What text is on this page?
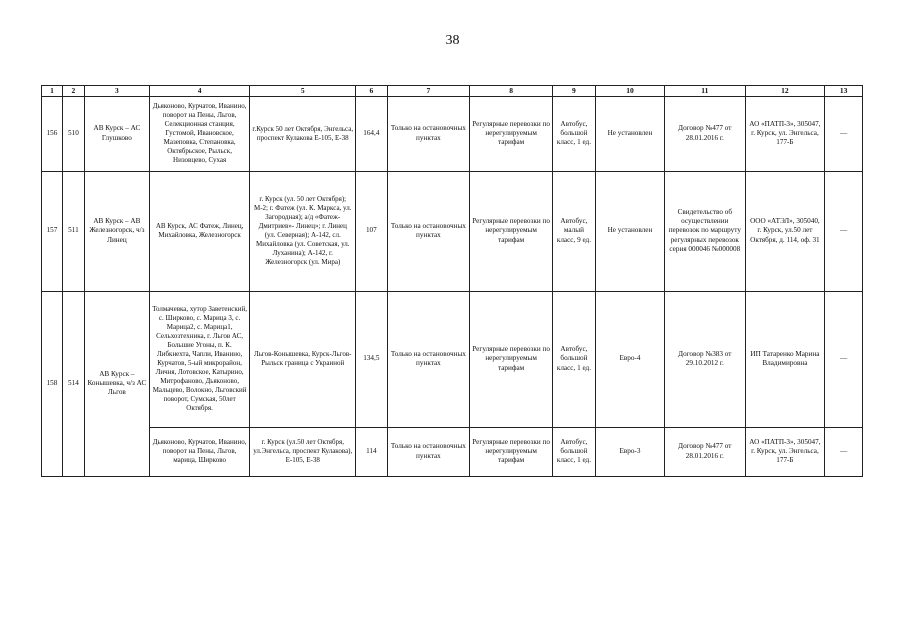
38
1	2	3	4	5	6	7	8	9	10	11	12	13
156	510	АВ Курск – АС Глушково	Дьяконово, Курчатов, Иванино, поворот на Пены, Льгов, Селекционная станция, Густомой, Ивановское, Мазеповка, Степановка, Октябрьское, Рыльск, Низовцево, Сухая	г.Курск 50 лет Октября, Энгельса, проспект Кулакова Е-105, Е-38	164,4	Только на остановочных пунктах	Регулярные перевозки по нерегулируемым тарифам	Автобус, большой класс, 1 ед.	Не установлен	Договор №477 от 28.01.2016 г.	АО «ПАТП-3», 305047, г. Курск, ул. Энгельса, 177-Б	—
157	511	АВ Курск – АВ Железногорск, ч/з Линец	АВ Курск, АС Фатеж, Линец, Михайловка, Железногорск	г. Курск (ул. 50 лет Октября); М-2; г. Фатеж (ул. К. Маркса, ул. Загородная); а/д «Фатеж-Дмитриев»- Линец»; г. Линец (ул. Северная); А-142, сл. Михайловка (ул. Советская, ул. Луханина); А-142, г. Железногорск (ул. Мира)	107	Только на остановочных пунктах	Регулярные перевозки по нерегулируемым тарифам	Автобус, малый класс, 9 ед.	Не установлен	Свидетельство об осуществлении перевозок по маршруту регулярных перевозок серия 000046 №000008	ООО «АТЭЛ», 305040, г. Курск, ул.50 лет Октября, д. 114, оф. 31	—
158	514	АВ Курск – Конышевка, ч/з АС Льгов	Толмачевка, хутор Заветенский, с. Ширково, с. Марица 3, с. Марица2, с. Марица1, Сельхозтехника, г. Льгов АС, Большие Угоны, п. К. Либкнехта, Чапли, Иванино, Курчатов, 5-ый микрорайон, Личня, Лотовское, Катырино, Митрофаново, Дьяконово, Мальцево, Волокно, Льговский поворот, Сумская, 50лет Октября.	Льгов-Конышевка, Курск-Льгов-Рыльск граница с Украиной	134,5	Только на остановочных пунктах	Регулярные перевозки по нерегулируемым тарифам	Автобус, большой класс, 1 ед.	Евро-4	Договор №383 от 29.10.2012 г.	ИП Татаренко Марина Владимировна	—
			Дьяконово, Курчатов, Иванино, поворот на Пены, Льгов, марица, Ширково	г. Курск (ул.50 лет Октября, ул.Энгельса, проспект Кулакова), Е-105, Е-38	114	Только на остановочных пунктах	Регулярные перевозки по нерегулируемым тарифам	Автобус, большой класс, 1 ед.	Евро-3	Договор №477 от 28.01.2016 г.	АО «ПАТП-3», 305047, г. Курск, ул. Энгельса, 177-Б	—
